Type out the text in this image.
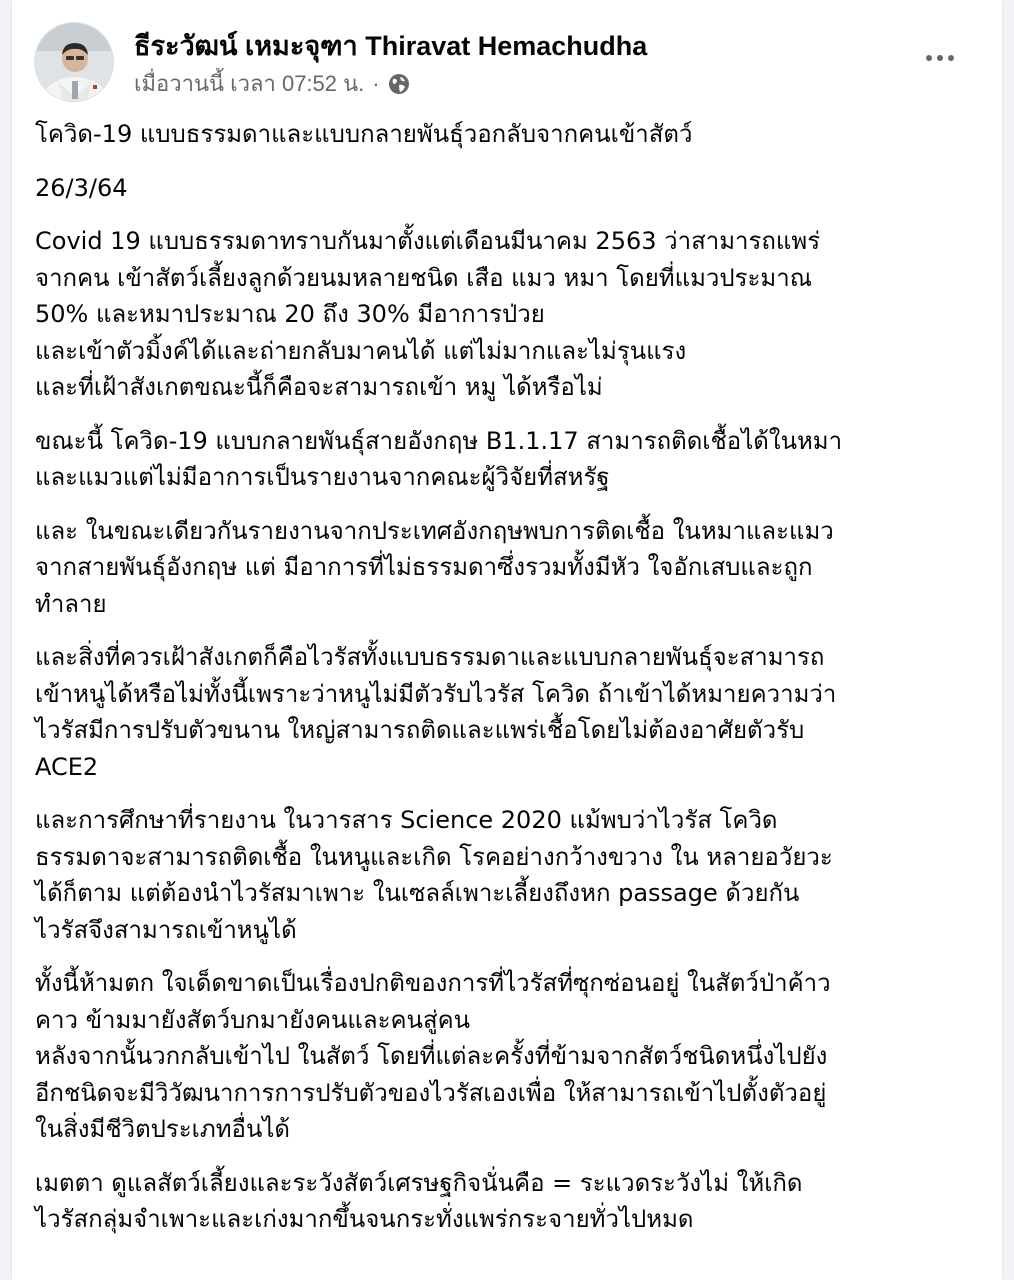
ธีระวัฒน์ เหมะจุฑา Thiravat Hemachudha
เมื่อวานนี้ เวลา 07:52 น. ·

โควิด-19 แบบธรรมดาและแบบกลายพันธุ์วอกลับจากคนเข้าสัตว์

26/3/64

Covid 19 แบบธรรมดาทราบกันมาตั้งแต่เดือนมีนาคม 2563 ว่าสามารถแพร่
จากคน เข้าสัตว์เลี้ยงลูกด้วยนมหลายชนิด เสือ แมว หมา โดยที่แมวประมาณ
50% และหมาประมาณ 20 ถึง 30% มีอาการป่วย
และเข้าตัวมิ้งค์ได้และถ่ายกลับมาคนได้ แต่ไม่มากและไม่รุนแรง
และที่เฝ้าสังเกตขณะนี้ก็คือจะสามารถเข้า หมู ได้หรือไม่

ขณะนี้ โควิด-19 แบบกลายพันธุ์สายอังกฤษ B1.1.17 สามารถติดเชื้อได้ในหมา
และแมวแต่ไม่มีอาการเป็นรายงานจากคณะผู้วิจัยที่สหรัฐ

และ ในขณะเดียวกันรายงานจากประเทศอังกฤษพบการติดเชื้อ ในหมาและแมว
จากสายพันธุ์อังกฤษ แต่ มีอาการที่ไม่ธรรมดาซึ่งรวมทั้งมีหัว ใจอักเสบและถูก
ทำลาย

และสิ่งที่ควรเฝ้าสังเกตก็คือไวรัสทั้งแบบธรรมดาและแบบกลายพันธุ์จะสามารถ
เข้าหนูได้หรือไม่ทั้งนี้เพราะว่าหนูไม่มีตัวรับไวรัส โควิด ถ้าเข้าได้หมายความว่า
ไวรัสมีการปรับตัวขนาน ใหญ่สามารถติดและแพร่เชื้อโดยไม่ต้องอาศัยตัวรับ
ACE2

และการศึกษาที่รายงาน ในวารสาร Science 2020 แม้พบว่าไวรัส โควิด
ธรรมดาจะสามารถติดเชื้อ ในหนูและเกิด โรคอย่างกว้างขวาง ใน หลายอวัยวะ
ได้ก็ตาม แต่ต้องนำไวรัสมาเพาะ ในเซลล์เพาะเลี้ยงถึงหก passage ด้วยกัน
ไวรัสจึงสามารถเข้าหนูได้

ทั้งนี้ห้ามตก ใจเด็ดขาดเป็นเรื่องปกติของการที่ไวรัสที่ซุกซ่อนอยู่ ในสัตว์ป่าค้าว
คาว ข้ามมายังสัตว์บกมายังคนและคนสู่คน
หลังจากนั้นวกกลับเข้าไป ในสัตว์ โดยที่แต่ละครั้งที่ข้ามจากสัตว์ชนิดหนึ่งไปยัง
อีกชนิดจะมีวิวัฒนาการการปรับตัวของไวรัสเองเพื่อ ให้สามารถเข้าไปตั้งตัวอยู่
ในสิ่งมีชีวิตประเภทอื่นได้

เมตตา ดูแลสัตว์เลี้ยงและระวังสัตว์เศรษฐกิจนั่นคือ = ระแวดระวังไม่ ให้เกิด
ไวรัสกลุ่มจำเพาะและเก่งมากขึ้นจนกระทั่งแพร่กระจายทั่วไปหมด
